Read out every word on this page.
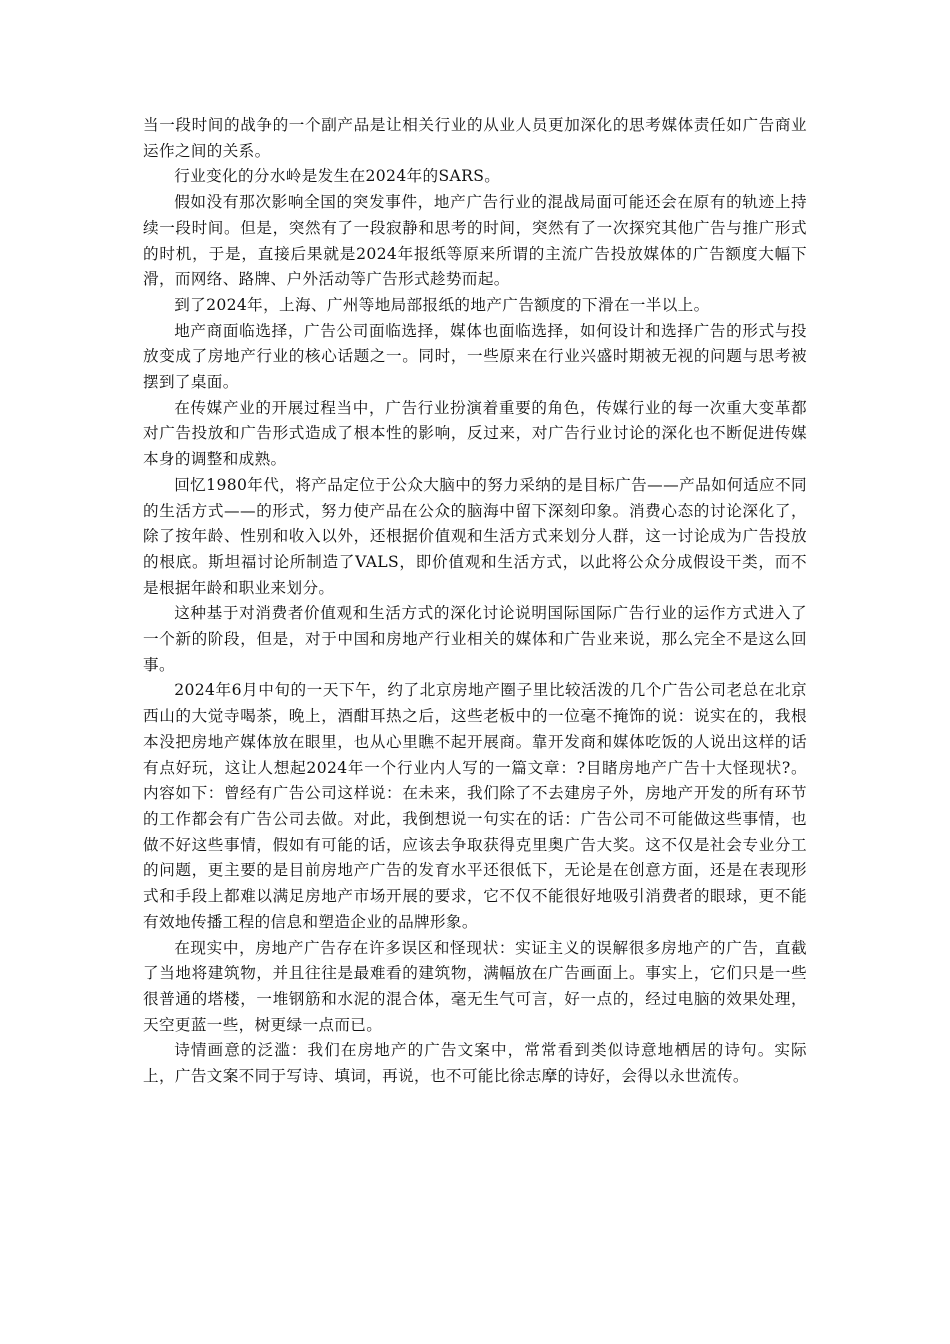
当一段时间的战争的一个副产品是让相关行业的从业人员更加深化的思考媒体责任如广告商业运作之间的关系。

行业变化的分水岭是发生在2024年的SARS。

假如没有那次影响全国的突发事件，地产广告行业的混战局面可能还会在原有的轨迹上持续一段时间。但是，突然有了一段寂静和思考的时间，突然有了一次探究其他广告与推广形式的时机，于是，直接后果就是2024年报纸等原来所谓的主流广告投放媒体的广告额度大幅下滑，而网络、路牌、户外活动等广告形式趁势而起。

到了2024年，上海、广州等地局部报纸的地产广告额度的下滑在一半以上。

地产商面临选择，广告公司面临选择，媒体也面临选择，如何设计和选择广告的形式与投放变成了房地产行业的核心话题之一。同时，一些原来在行业兴盛时期被无视的问题与思考被摆到了桌面。

在传媒产业的开展过程当中，广告行业扮演着重要的角色，传媒行业的每一次重大变革都对广告投放和广告形式造成了根本性的影响，反过来，对广告行业讨论的深化也不断促进传媒本身的调整和成熟。

回忆1980年代，将产品定位于公众大脑中的努力采纳的是目标广告——产品如何适应不同的生活方式——的形式，努力使产品在公众的脑海中留下深刻印象。消费心态的讨论深化了，除了按年龄、性别和收入以外，还根据价值观和生活方式来划分人群，这一讨论成为广告投放的根底。斯坦福讨论所制造了VALS，即价值观和生活方式，以此将公众分成假设干类，而不是根据年龄和职业来划分。

这种基于对消费者价值观和生活方式的深化讨论说明国际国际广告行业的运作方式进入了一个新的阶段，但是，对于中国和房地产行业相关的媒体和广告业来说，那么完全不是这么回事。

2024年6月中旬的一天下午，约了北京房地产圈子里比较活泼的几个广告公司老总在北京西山的大觉寺喝茶，晚上，酒酣耳热之后，这些老板中的一位毫不掩饰的说：说实在的，我根本没把房地产媒体放在眼里，也从心里瞧不起开展商。靠开发商和媒体吃饭的人说出这样的话有点好玩，这让人想起2024年一个行业内人写的一篇文章：?目睹房地产广告十大怪现状?。内容如下：曾经有广告公司这样说：在未来，我们除了不去建房子外，房地产开发的所有环节的工作都会有广告公司去做。对此，我倒想说一句实在的话：广告公司不可能做这些事情，也做不好这些事情，假如有可能的话，应该去争取获得克里奥广告大奖。这不仅是社会专业分工的问题，更主要的是目前房地产广告的发育水平还很低下，无论是在创意方面，还是在表现形式和手段上都难以满足房地产市场开展的要求，它不仅不能很好地吸引消费者的眼球，更不能有效地传播工程的信息和塑造企业的品牌形象。

在现实中，房地产广告存在许多误区和怪现状：实证主义的误解很多房地产的广告，直截了当地将建筑物，并且往往是最难看的建筑物，满幅放在广告画面上。事实上，它们只是一些很普通的塔楼，一堆钢筋和水泥的混合体，毫无生气可言，好一点的，经过电脑的效果处理，天空更蓝一些，树更绿一点而已。

诗情画意的泛滥：我们在房地产的广告文案中，常常看到类似诗意地栖居的诗句。实际上，广告文案不同于写诗、填词，再说，也不可能比徐志摩的诗好，会得以永世流传。
